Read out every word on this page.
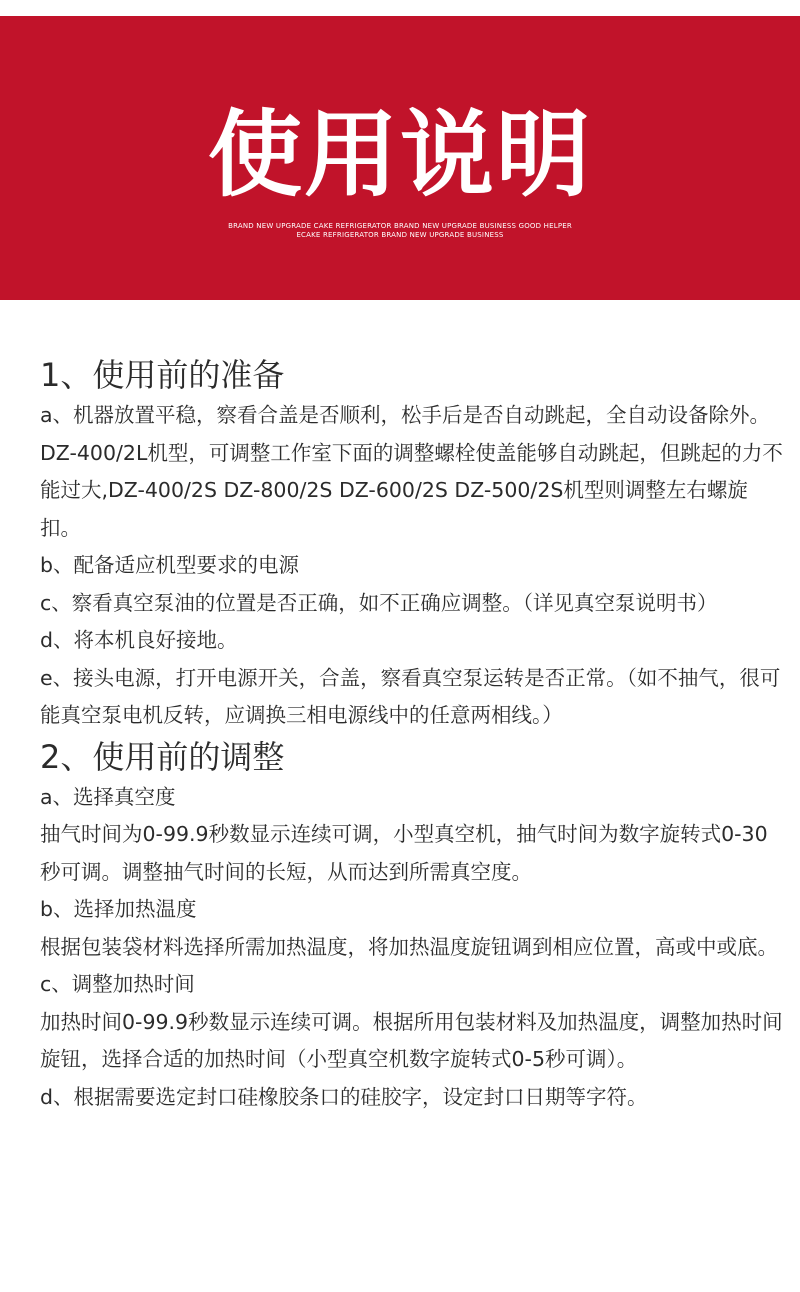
使用说明
BRAND NEW UPGRADE CAKE REFRIGERATOR BRAND NEW UPGRADE BUSINESS GOOD HELPER
ECAKE REFRIGERATOR BRAND NEW UPGRADE BUSINESS
1、使用前的准备

a、机器放置平稳，察看合盖是否顺利，松手后是否自动跳起，全自动设备除外。DZ-400/2L机型，可调整工作室下面的调整螺栓使盖能够自动跳起，但跳起的力不能过大,DZ-400/2S DZ-800/2S DZ-600/2S DZ-500/2S机型则调整左右螺旋扣。

b、配备适应机型要求的电源

c、察看真空泵油的位置是否正确，如不正确应调整。（详见真空泵说明书）

d、将本机良好接地。

e、接头电源，打开电源开关，合盖，察看真空泵运转是否正常。（如不抽气，很可能真空泵电机反转，应调换三相电源线中的任意两相线。）

2、使用前的调整

a、选择真空度

抽气时间为0-99.9秒数显示连续可调，小型真空机，抽气时间为数字旋转式0-30秒可调。调整抽气时间的长短，从而达到所需真空度。

b、选择加热温度

根据包装袋材料选择所需加热温度，将加热温度旋钮调到相应位置，高或中或底。

c、调整加热时间

加热时间0-99.9秒数显示连续可调。根据所用包装材料及加热温度，调整加热时间旋钮，选择合适的加热时间（小型真空机数字旋转式0-5秒可调）。

d、根据需要选定封口硅橡胶条口的硅胶字，设定封口日期等字符。
